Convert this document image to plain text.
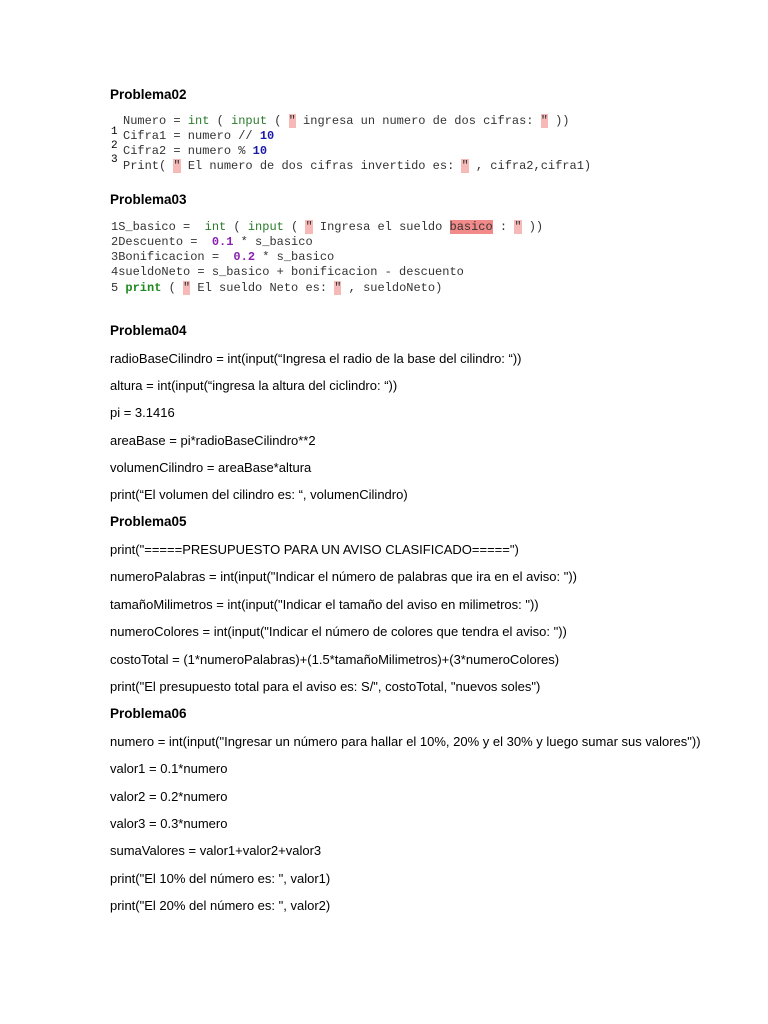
Problema02
1
2
3
Numero = int ( input ( " ingresa un numero de dos cifras: " ))
Cifra1 = numero // 10
Cifra2 = numero % 10
Print( " El numero de dos cifras invertido es: " , cifra2,cifra1)
Problema03
1S_basico =  int ( input ( " Ingresa el sueldo basico : " ))
2Descuento =  0.1 * s_basico
3Bonificacion =  0.2 * s_basico
4sueldoNeto = s_basico + bonificacion - descuento
5 print ( " El sueldo Neto es: " , sueldoNeto)
Problema04
radioBaseCilindro = int(input(“Ingresa el radio de la base del cilindro: “))
altura = int(input(“ingresa la altura del ciclindro: “))
pi = 3.1416
areaBase = pi*radioBaseCilindro**2
volumenCilindro = areaBase*altura
print(“El volumen del cilindro es: “, volumenCilindro)
Problema05
print("=====PRESUPUESTO PARA UN AVISO CLASIFICADO=====")
numeroPalabras = int(input("Indicar el número de palabras que ira en el aviso: "))
tamañoMilimetros = int(input("Indicar el tamaño del aviso en milimetros: "))
numeroColores = int(input("Indicar el número de colores que tendra el aviso: "))
costoTotal = (1*numeroPalabras)+(1.5*tamañoMilimetros)+(3*numeroColores)
print("El presupuesto total para el aviso es: S/", costoTotal, "nuevos soles")
Problema06
numero = int(input("Ingresar un número para hallar el 10%, 20% y el 30% y luego sumar sus valores"))
valor1 = 0.1*numero
valor2 = 0.2*numero
valor3 = 0.3*numero
sumaValores = valor1+valor2+valor3
print("El 10% del número es: ", valor1)
print("El 20% del número es: ", valor2)
